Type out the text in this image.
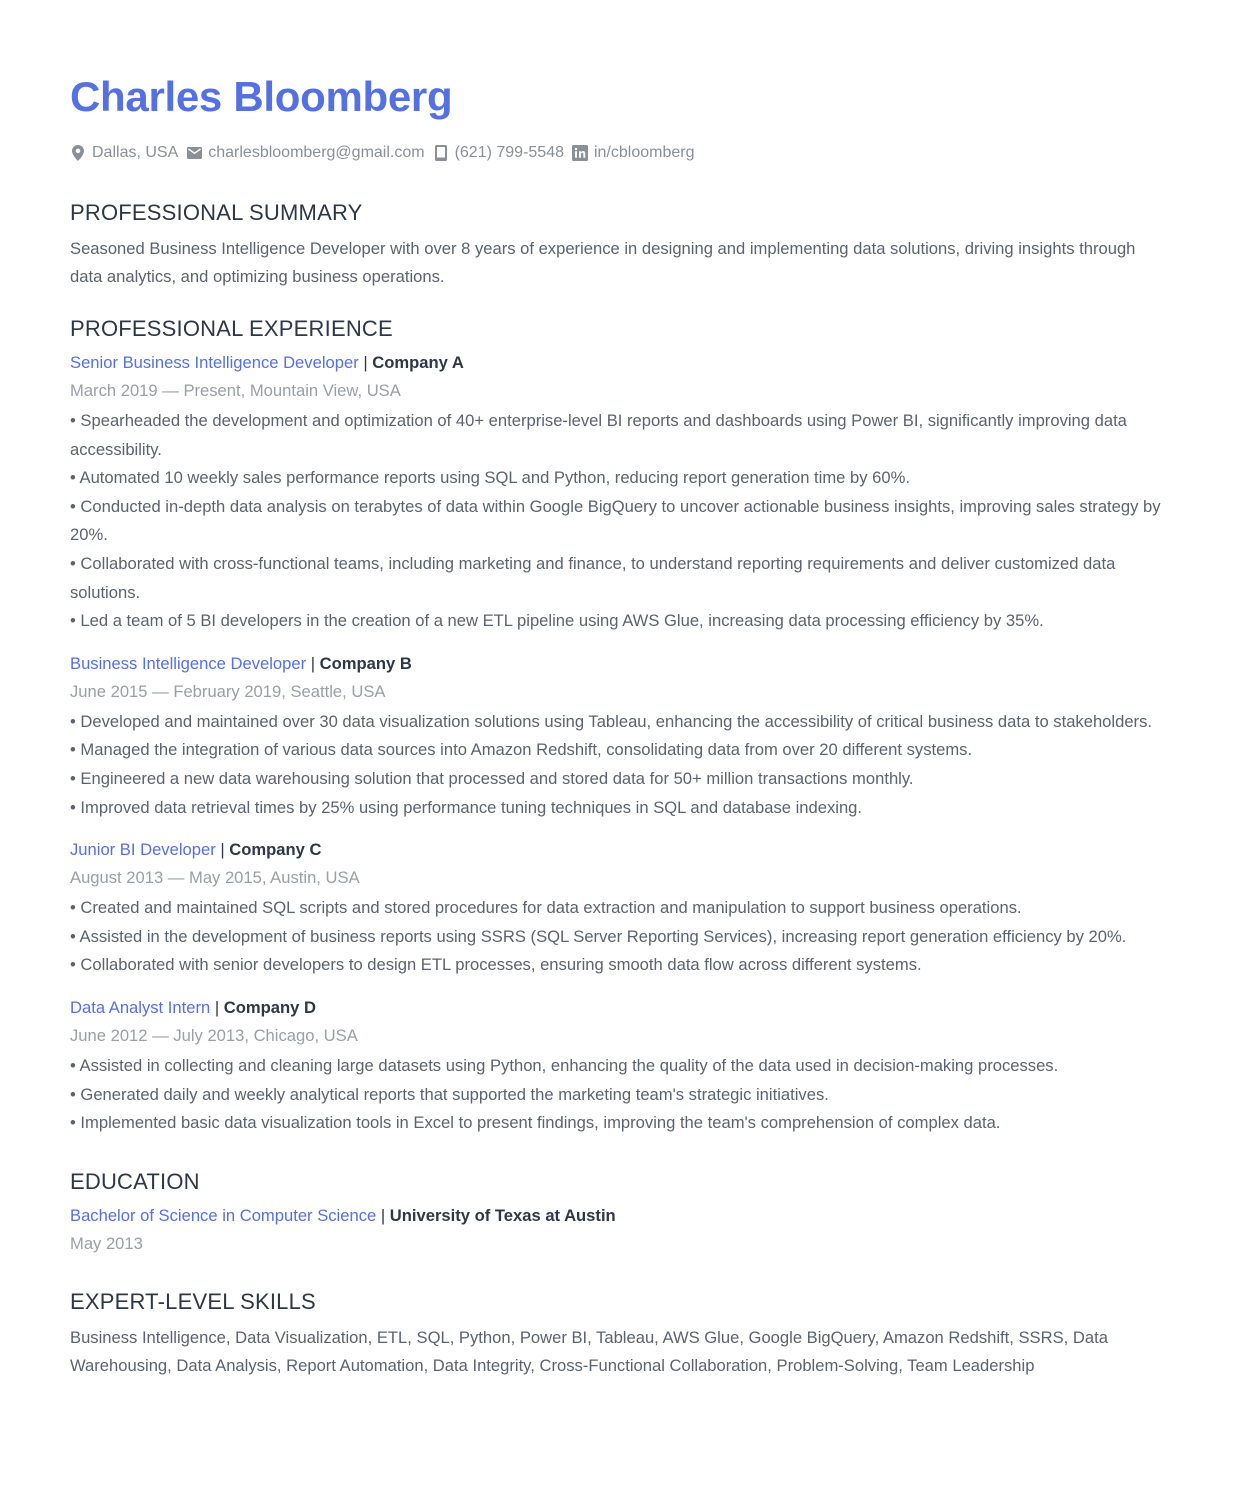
Charles Bloomberg
Dallas, USA charlesbloomberg@gmail.com (621) 799-5548 in/cbloomberg
PROFESSIONAL SUMMARY
Seasoned Business Intelligence Developer with over 8 years of experience in designing and implementing data solutions, driving insights through data analytics, and optimizing business operations.
PROFESSIONAL EXPERIENCE
Senior Business Intelligence Developer | Company A
March 2019 — Present, Mountain View, USA
• Spearheaded the development and optimization of 40+ enterprise-level BI reports and dashboards using Power BI, significantly improving data accessibility.
• Automated 10 weekly sales performance reports using SQL and Python, reducing report generation time by 60%.
• Conducted in-depth data analysis on terabytes of data within Google BigQuery to uncover actionable business insights, improving sales strategy by 20%.
• Collaborated with cross-functional teams, including marketing and finance, to understand reporting requirements and deliver customized data solutions.
• Led a team of 5 BI developers in the creation of a new ETL pipeline using AWS Glue, increasing data processing efficiency by 35%.
Business Intelligence Developer | Company B
June 2015 — February 2019, Seattle, USA
• Developed and maintained over 30 data visualization solutions using Tableau, enhancing the accessibility of critical business data to stakeholders.
• Managed the integration of various data sources into Amazon Redshift, consolidating data from over 20 different systems.
• Engineered a new data warehousing solution that processed and stored data for 50+ million transactions monthly.
• Improved data retrieval times by 25% using performance tuning techniques in SQL and database indexing.
Junior BI Developer | Company C
August 2013 — May 2015, Austin, USA
• Created and maintained SQL scripts and stored procedures for data extraction and manipulation to support business operations.
• Assisted in the development of business reports using SSRS (SQL Server Reporting Services), increasing report generation efficiency by 20%.
• Collaborated with senior developers to design ETL processes, ensuring smooth data flow across different systems.
Data Analyst Intern | Company D
June 2012 — July 2013, Chicago, USA
• Assisted in collecting and cleaning large datasets using Python, enhancing the quality of the data used in decision-making processes.
• Generated daily and weekly analytical reports that supported the marketing team's strategic initiatives.
• Implemented basic data visualization tools in Excel to present findings, improving the team's comprehension of complex data.
EDUCATION
Bachelor of Science in Computer Science | University of Texas at Austin
May 2013
EXPERT-LEVEL SKILLS
Business Intelligence, Data Visualization, ETL, SQL, Python, Power BI, Tableau, AWS Glue, Google BigQuery, Amazon Redshift, SSRS, Data Warehousing, Data Analysis, Report Automation, Data Integrity, Cross-Functional Collaboration, Problem-Solving, Team Leadership
